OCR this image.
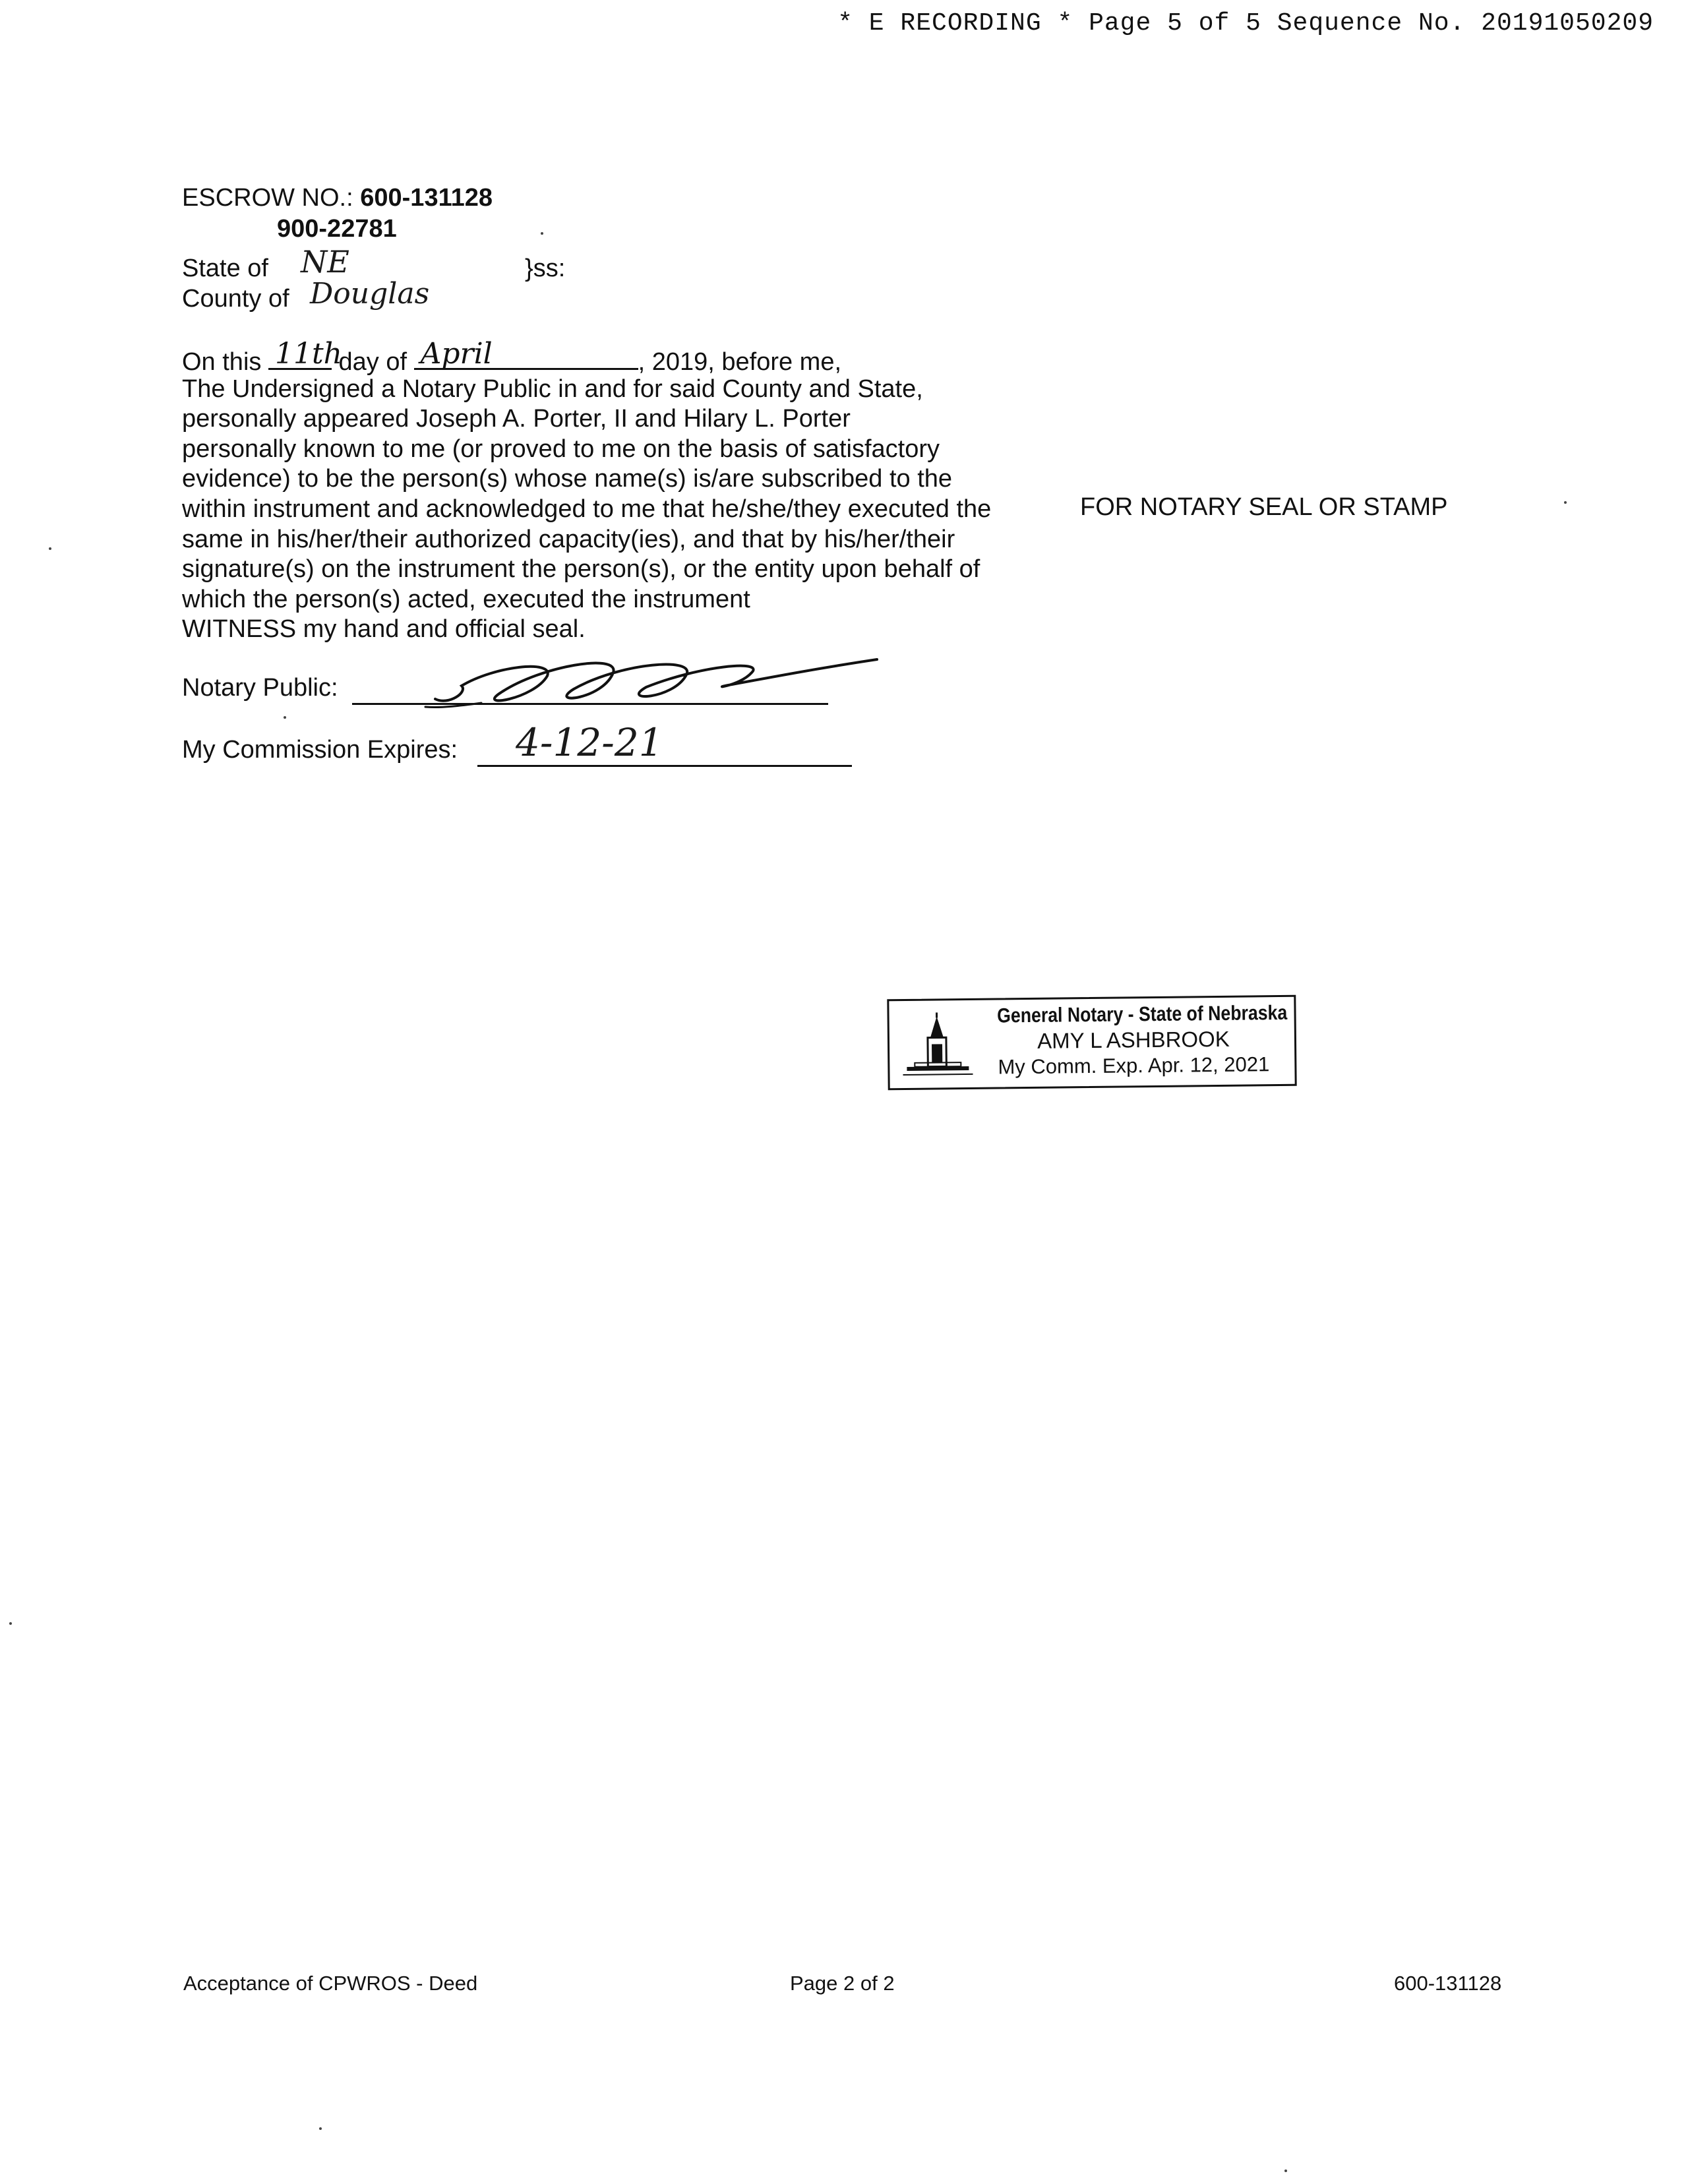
* E RECORDING * Page 5 of 5 Sequence No. 20191050209
ESCROW NO.: 600-131128
900-22781
State of NE	}ss:
County of Douglas
On this 11th
day of April	, 2019, before me,
The Undersigned a Notary Public in and for said County and State,
personally appeared Joseph A. Porter, II and Hilary L. Porter
personally known to me (or proved to me on the basis of satisfactory
evidence) to be the person(s) whose name(s) is/are subscribed to the
within instrument and acknowledged to me that he/she/they executed the
same in his/her/their authorized capacity(ies), and that by his/her/their
signature(s) on the instrument the person(s), or the entity upon behalf of
which the person(s) acted, executed the instrument
WITNESS my hand and official seal.
FOR NOTARY SEAL OR STAMP
Notary Public:
My Commission Expires: 4-12-21
General Notary - State of Nebraska
AMY L ASHBROOK
My Comm. Exp. Apr. 12, 2021
Acceptance of CPWROS - Deed	Page 2 of 2	600-131128
